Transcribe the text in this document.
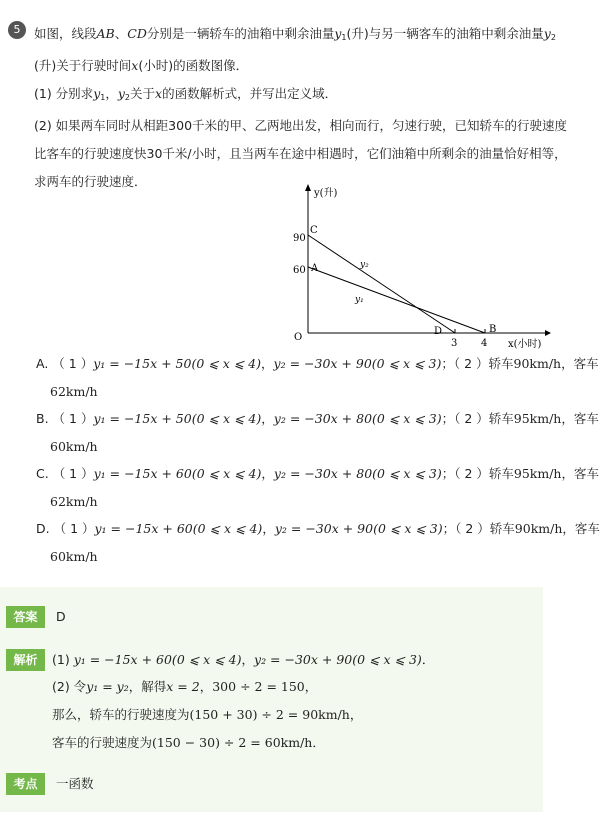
5	如图，线段AB、CD分别是一辆轿车的油箱中剩余油量$y_1$(升)与另一辆客车的油箱中剩余油量$y_2$
(升)关于行驶时间x(小时)的函数图像．
(1) 分别求$y_1$，$y_2$关于x的函数解析式，并写出定义域．
(2) 如果两车同时从相距300千米的甲、乙两地出发，相向而行，匀速行驶，已知轿车的行驶速度
比客车的行驶速度快30千米/小时，且当两车在途中相遇时，它们油箱中所剩余的油量恰好相等，
求两车的行驶速度．
y(升)
x(小时)
O
90
60
3 4
C
A
D	B
y₂
y₁
A. （ 1 ）y₁ = −15x + 50(0 ⩽ x ⩽ 4)，y₂ = −30x + 90(0 ⩽ x ⩽ 3)；（ 2 ）轿车90km/h，客车
62km/h
B. （ 1 ）y₁ = −15x + 50(0 ⩽ x ⩽ 4)，y₂ = −30x + 80(0 ⩽ x ⩽ 3)；（ 2 ）轿车95km/h，客车
60km/h
C. （ 1 ）y₁ = −15x + 60(0 ⩽ x ⩽ 4)，y₂ = −30x + 80(0 ⩽ x ⩽ 3)；（ 2 ）轿车95km/h，客车
62km/h
D. （ 1 ）y₁ = −15x + 60(0 ⩽ x ⩽ 4)，y₂ = −30x + 90(0 ⩽ x ⩽ 3)；（ 2 ）轿车90km/h，客车
60km/h
答案	D
解析	(1) y₁ = −15x + 60(0 ⩽ x ⩽ 4)，y₂ = −30x + 90(0 ⩽ x ⩽ 3)．
(2) 令y₁ = y₂，解得x = 2，300 ÷ 2 = 150，
那么，轿车的行驶速度为(150 + 30) ÷ 2 = 90km/h，
客车的行驶速度为(150 − 30) ÷ 2 = 60km/h．
考点	一函数
